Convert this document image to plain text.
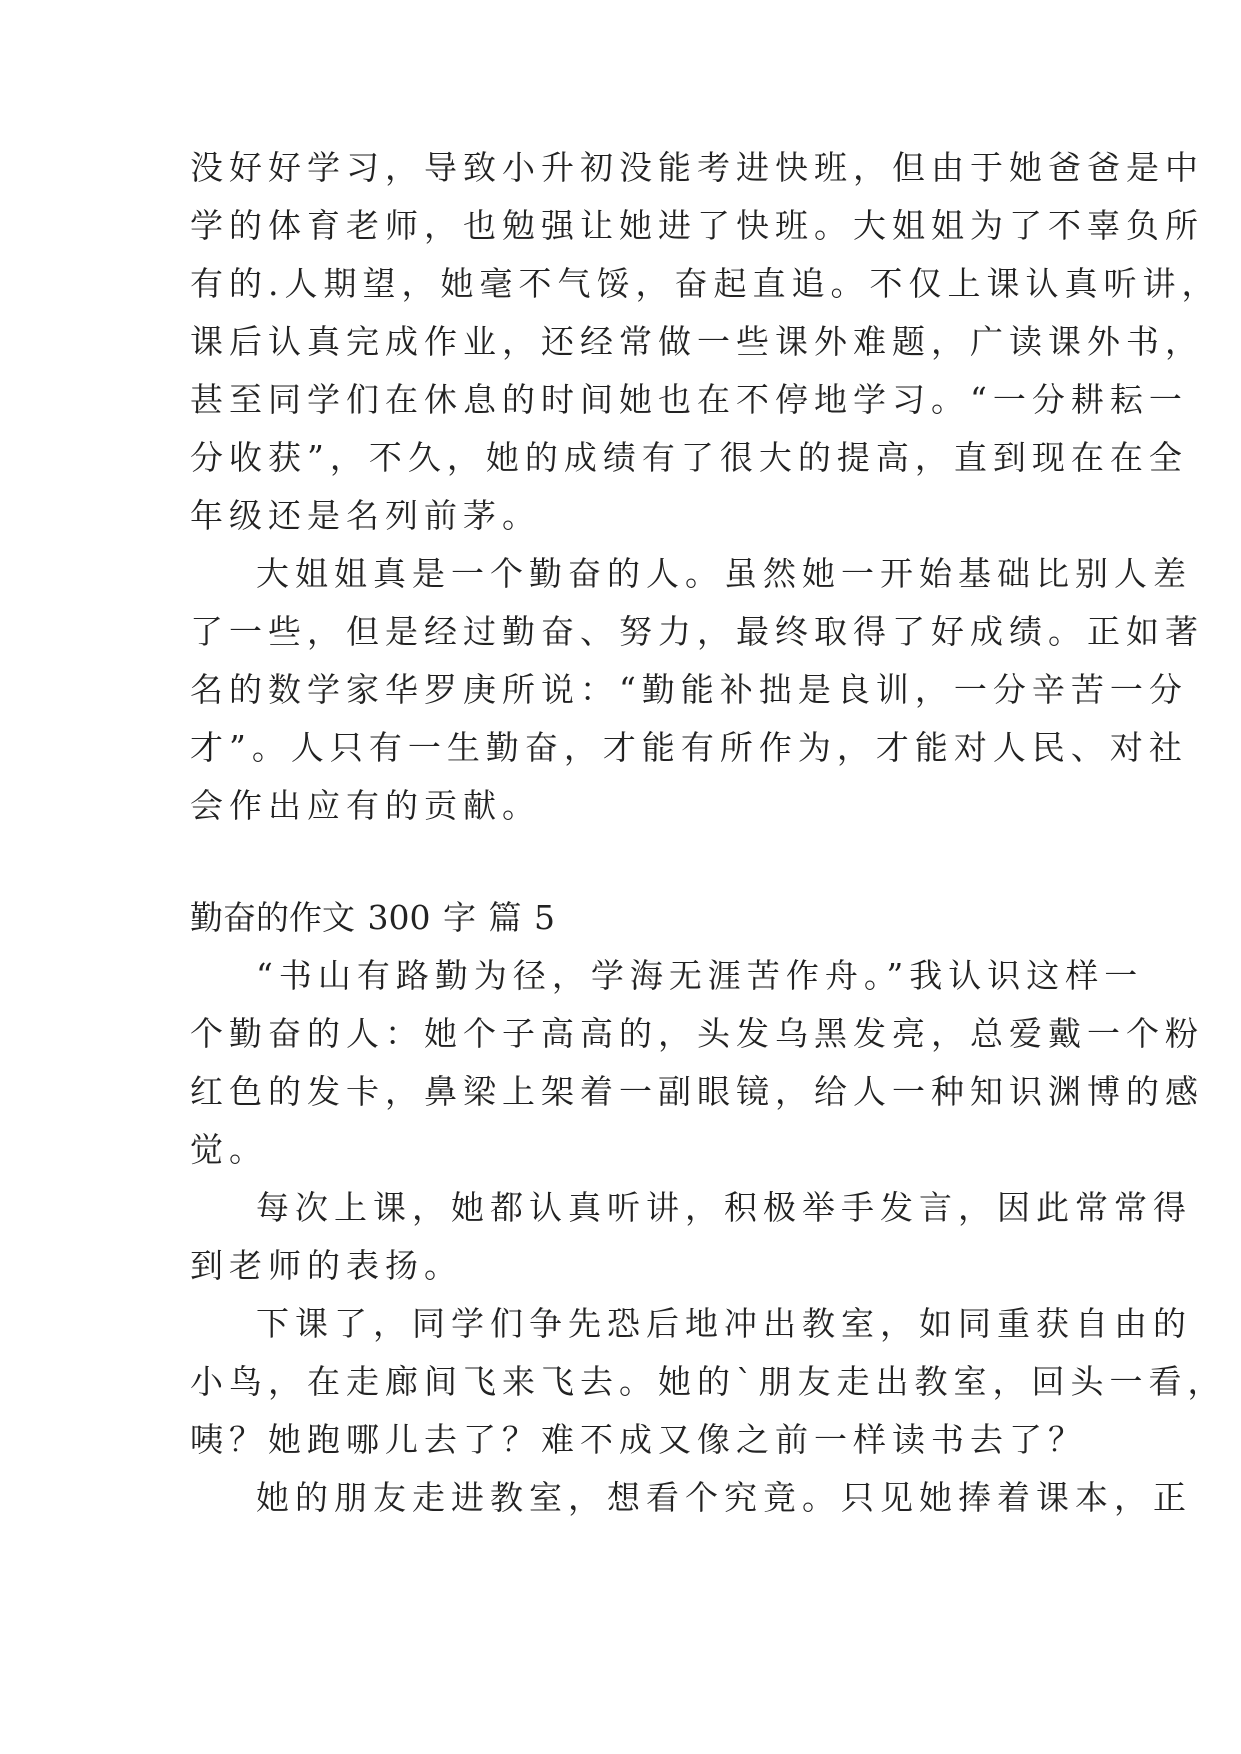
没好好学习，导致小升初没能考进快班，但由于她爸爸是中
学的体育老师，也勉强让她进了快班。大姐姐为了不辜负所
有的.人期望，她毫不气馁，奋起直追。不仅上课认真听讲，
课后认真完成作业，还经常做一些课外难题，广读课外书，
甚至同学们在休息的时间她也在不停地学习。“一分耕耘一
分收获”，不久，她的成绩有了很大的提高，直到现在在全
年级还是名列前茅。
大姐姐真是一个勤奋的人。虽然她一开始基础比别人差
了一些，但是经过勤奋、努力，最终取得了好成绩。正如著
名的数学家华罗庚所说：“勤能补拙是良训，一分辛苦一分
才”。人只有一生勤奋，才能有所作为，才能对人民、对社
会作出应有的贡献。
勤奋的作文 300 字 篇 5
“书山有路勤为径，学海无涯苦作舟。”我认识这样一
个勤奋的人：她个子高高的，头发乌黑发亮，总爱戴一个粉
红色的发卡，鼻梁上架着一副眼镜，给人一种知识渊博的感
觉。
每次上课，她都认真听讲，积极举手发言，因此常常得
到老师的表扬。
下课了，同学们争先恐后地冲出教室，如同重获自由的
小鸟，在走廊间飞来飞去。她的`朋友走出教室，回头一看，
咦？她跑哪儿去了？难不成又像之前一样读书去了？
她的朋友走进教室，想看个究竟。只见她捧着课本，正
